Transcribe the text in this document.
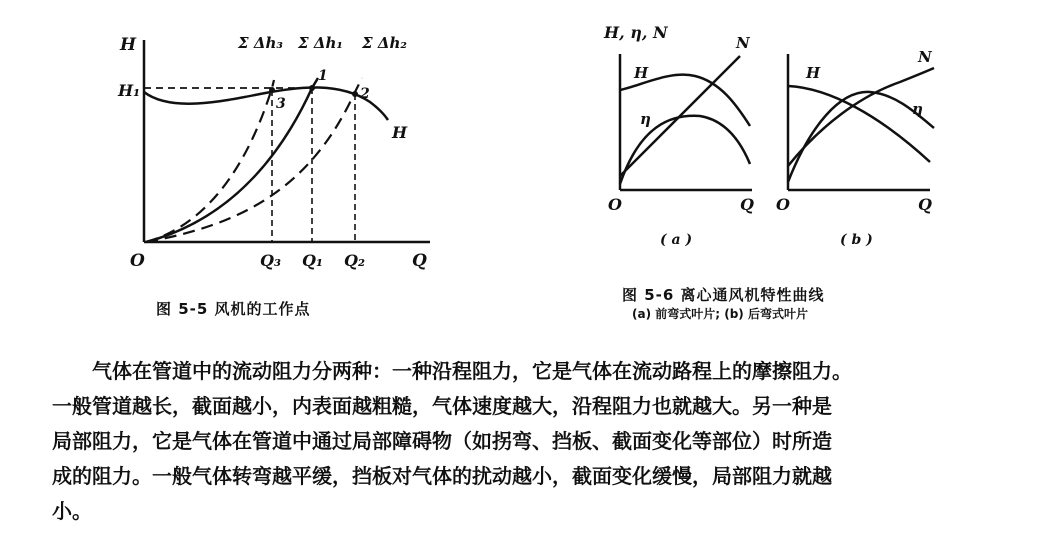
H
O	Q
H₁
H
3
1
2
Σ Δh₃ Σ Δh₁ Σ Δh₂
Q₃ Q₁ Q₂
图 5-5 风机的工作点
H, η, N
O	Q
H
η
N
( a )
O	Q
H
η
N
( b )
图 5-6 离心通风机特性曲线
(a) 前弯式叶片; (b) 后弯式叶片
气体在管道中的流动阻力分两种：一种沿程阻力，它是气体在流动路程上的摩擦阻力。
一般管道越长，截面越小，内表面越粗糙，气体速度越大，沿程阻力也就越大。另一种是
局部阻力，它是气体在管道中通过局部障碍物（如拐弯、挡板、截面变化等部位）时所造
成的阻力。一般气体转弯越平缓，挡板对气体的扰动越小，截面变化缓慢，局部阻力就越
小。
